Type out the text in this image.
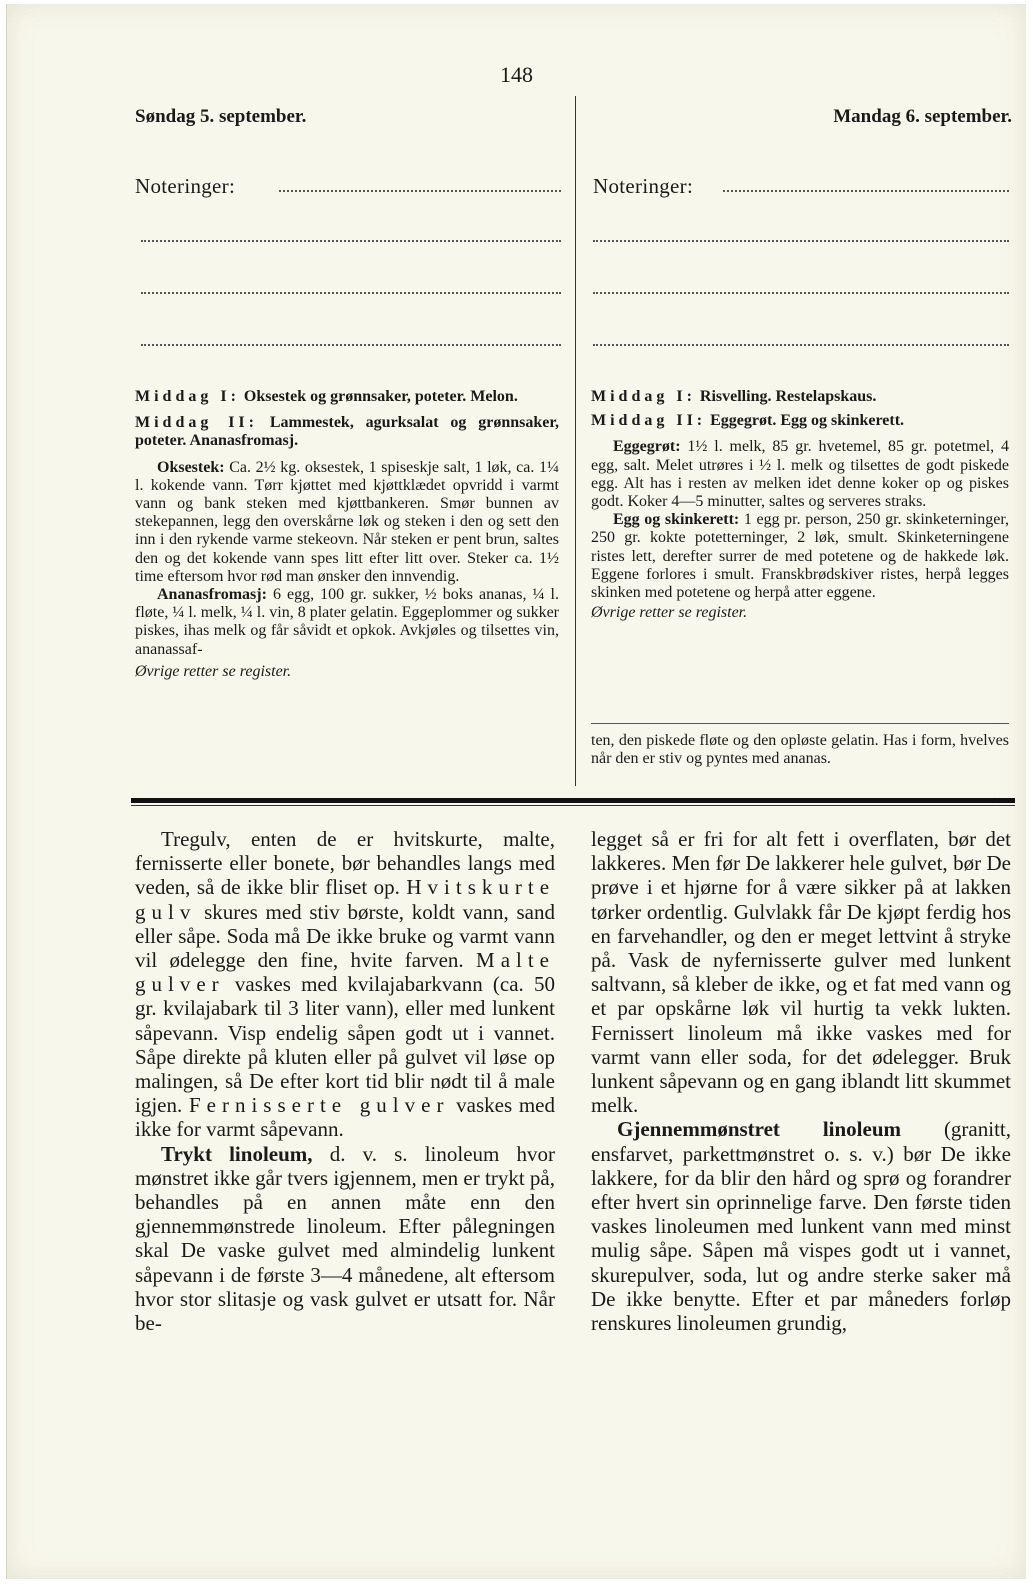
148
Søndag 5. september.	Mandag 6. september.
Noteringer:	Noteringer:

Middag I: Oksestek og grønnsaker, poteter. Melon.

Middag II: Lammestek, agurksalat og grønnsaker, poteter. Ananasfromasj.

Oksestek: Ca. 2½ kg. oksestek, 1 spiseskje salt, 1 løk, ca. 1¼ l. kokende vann. Tørr kjøttet med kjøttklædet opvridd i varmt vann og bank steken med kjøttbankeren. Smør bunnen av stekepannen, legg den overskårne løk og steken i den og sett den inn i den rykende varme stekeovn. Når steken er pent brun, saltes den og det kokende vann spes litt efter litt over. Steker ca. 1½ time eftersom hvor rød man ønsker den innvendig.

Ananasfromasj: 6 egg, 100 gr. sukker, ½ boks ananas, ¼ l. fløte, ¼ l. melk, ¼ l. vin, 8 plater gelatin. Eggeplommer og sukker piskes, ihas melk og får såvidt et opkok. Avkjøles og tilsettes vin, ananassaf-

Øvrige retter se register.

Middag I: Risvelling. Restelapskaus.

Middag II: Eggegrøt. Egg og skinkerett.

Eggegrøt: 1½ l. melk, 85 gr. hvetemel, 85 gr. potetmel, 4 egg, salt. Melet utrøres i ½ l. melk og tilsettes de godt piskede egg. Alt has i resten av melken idet denne koker op og piskes godt. Koker 4—5 minutter, saltes og serveres straks.

Egg og skinkerett: 1 egg pr. person, 250 gr. skinketerninger, 250 gr. kokte potetterninger, 2 løk, smult. Skinketerningene ristes lett, derefter surrer de med potetene og de hakkede løk. Eggene forlores i smult. Franskbrødskiver ristes, herpå legges skinken med potetene og herpå atter eggene.

Øvrige retter se register.

ten, den piskede fløte og den opløste gelatin. Has i form, hvelves når den er stiv og pyntes med ananas.

Tregulv, enten de er hvitskurte, malte, fernisserte eller bonete, bør behandles langs med veden, så de ikke blir fliset op. Hvitskurte gulv skures med stiv børste, koldt vann, sand eller såpe. Soda må De ikke bruke og varmt vann vil ødelegge den fine, hvite farven. Malte gulver vaskes med kvilajabarkvann (ca. 50 gr. kvilajabark til 3 liter vann), eller med lunkent såpevann. Visp endelig såpen godt ut i vannet. Såpe direkte på kluten eller på gulvet vil løse op malingen, så De efter kort tid blir nødt til å male igjen. Fernisserte gulver vaskes med ikke for varmt såpevann.

Trykt linoleum, d. v. s. linoleum hvor mønstret ikke går tvers igjennem, men er trykt på, behandles på en annen måte enn den gjennemmønstrede linoleum. Efter pålegningen skal De vaske gulvet med almindelig lunkent såpevann i de første 3—4 månedene, alt eftersom hvor stor slitasje og vask gulvet er utsatt for. Når be-

legget så er fri for alt fett i overflaten, bør det lakkeres. Men før De lakkerer hele gulvet, bør De prøve i et hjørne for å være sikker på at lakken tørker ordentlig. Gulvlakk får De kjøpt ferdig hos en farvehandler, og den er meget lettvint å stryke på. Vask de nyfernisserte gulver med lunkent saltvann, så kleber de ikke, og et fat med vann og et par opskårne løk vil hurtig ta vekk lukten. Fernissert linoleum må ikke vaskes med for varmt vann eller soda, for det ødelegger. Bruk lunkent såpevann og en gang iblandt litt skummet melk.

Gjennemmønstret linoleum (granitt, ensfarvet, parkettmønstret o. s. v.) bør De ikke lakkere, for da blir den hård og sprø og forandrer efter hvert sin oprinnelige farve. Den første tiden vaskes linoleumen med lunkent vann med minst mulig såpe. Såpen må vispes godt ut i vannet, skurepulver, soda, lut og andre sterke saker må De ikke benytte. Efter et par måneders forløp renskures linoleumen grundig,
